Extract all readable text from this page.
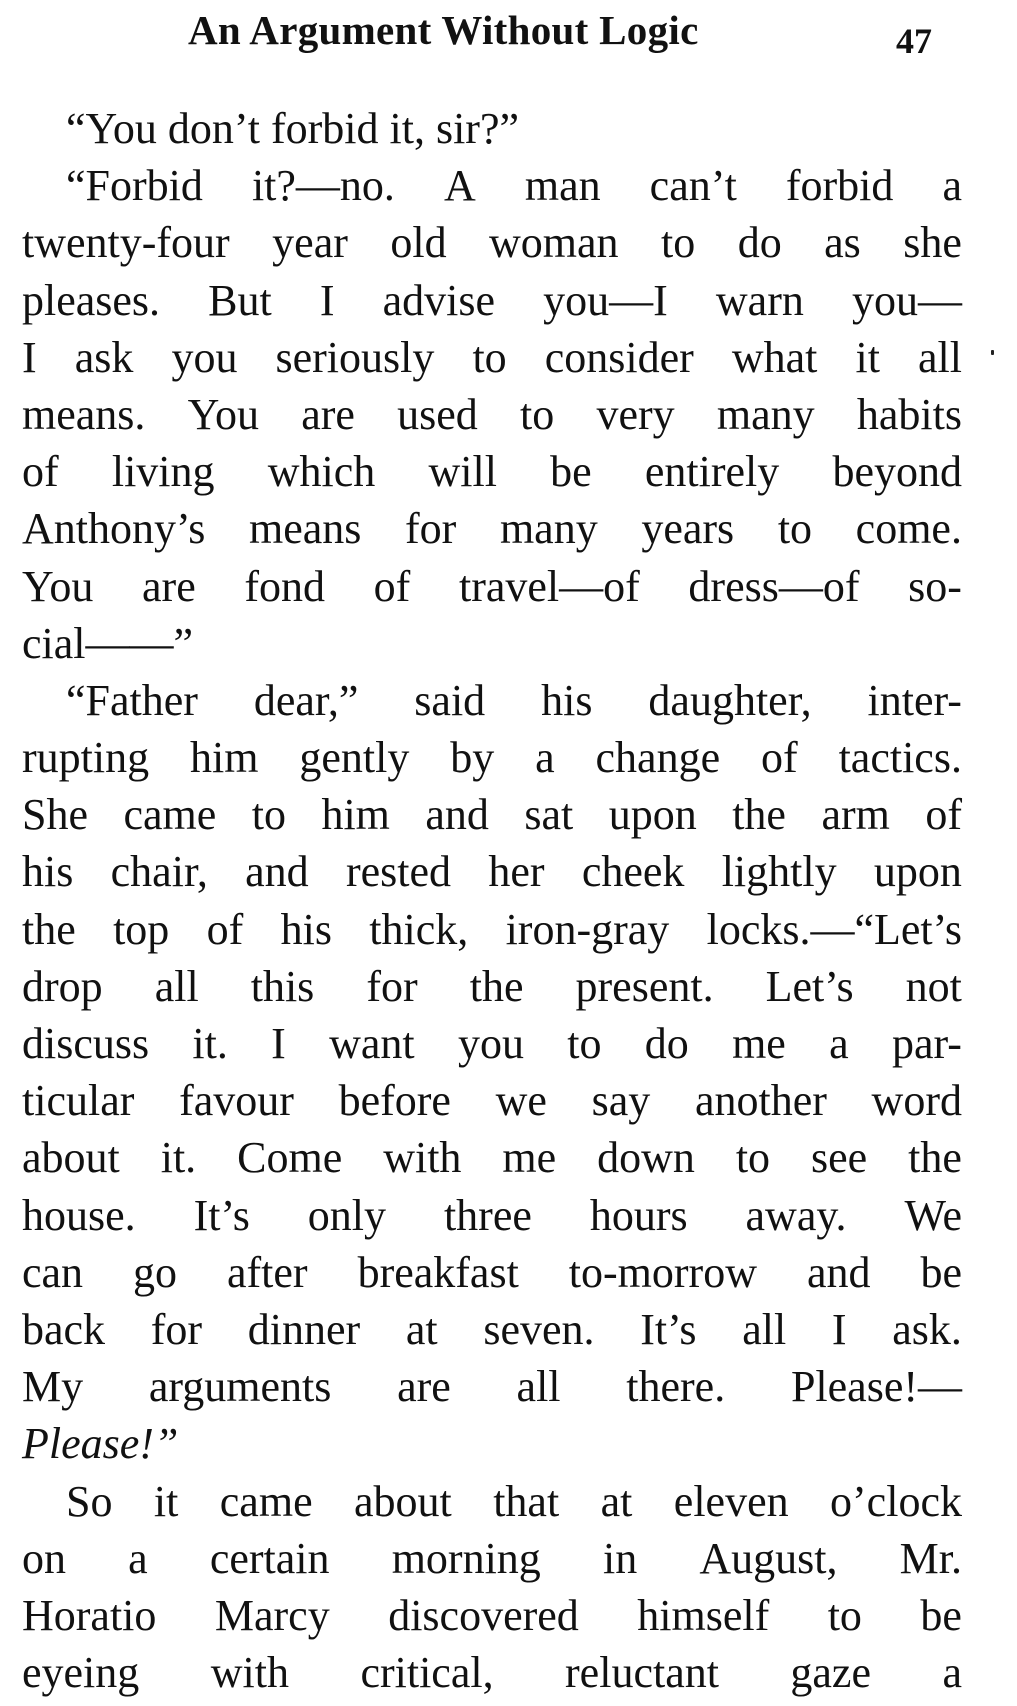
An Argument Without Logic	47
“You don’t forbid it, sir?”
“Forbid it?—no. A man can’t forbid a
twenty-four year old woman to do as she
pleases. But I advise you—I warn you—
I ask you seriously to consider what it all
means. You are used to very many habits
of living which will be entirely beyond
Anthony’s means for many years to come.
You are fond of travel—of dress—of so-
cial——”
“Father dear,” said his daughter, inter-
rupting him gently by a change of tactics.
She came to him and sat upon the arm of
his chair, and rested her cheek lightly upon
the top of his thick, iron-gray locks.—“Let’s
drop all this for the present. Let’s not
discuss it. I want you to do me a par-
ticular favour before we say another word
about it. Come with me down to see the
house. It’s only three hours away. We
can go after breakfast to-morrow and be
back for dinner at seven. It’s all I ask.
My arguments are all there. Please!—
Please!”
So it came about that at eleven o’clock
on a certain morning in August, Mr.
Horatio Marcy discovered himself to be
eyeing with critical, reluctant gaze a
